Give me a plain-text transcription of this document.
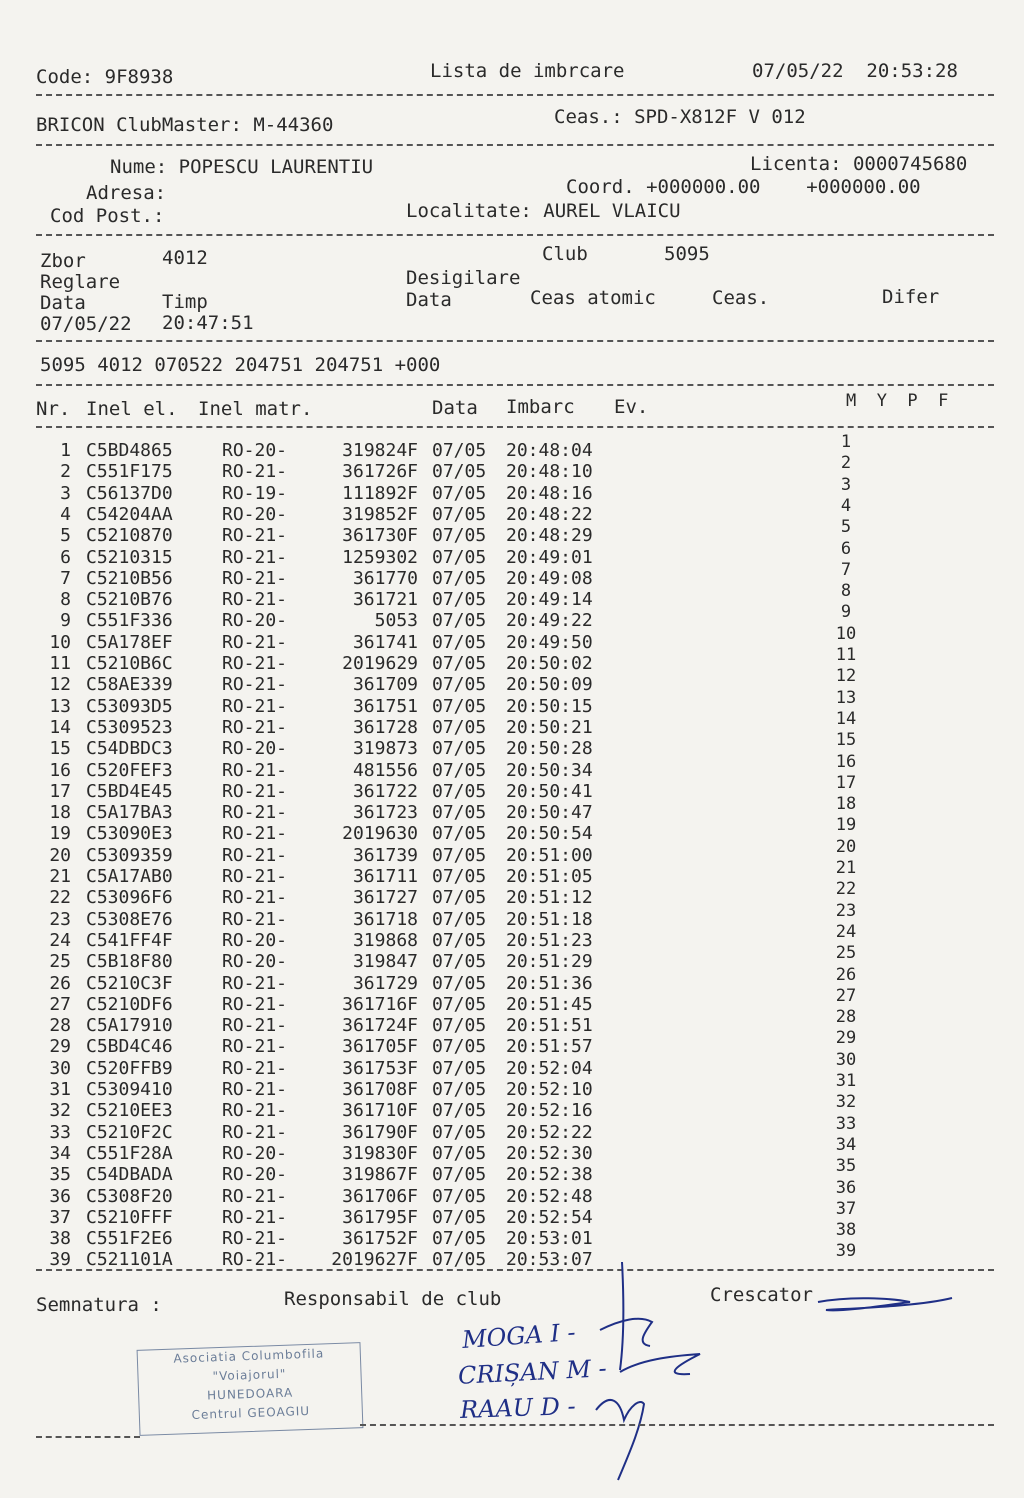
Code: 9F8938	Lista de imbrcare	07/05/22  20:53:28
BRICON ClubMaster: M-44360	Ceas.: SPD-X812F V 012
Nume: POPESCU LAURENTIU	Licenta: 0000745680
Adresa:	Coord. +000000.00    +000000.00
Cod Post.:	Localitate: AUREL VLAICU
Zbor	4012	Club	5095
Reglare	Desigilare
Data	Timp	Data	Ceas atomic	Ceas.	Difer
07/05/22 20:47:51
5095 4012 070522 204751 204751 +000
Nr. Inel el. Inel matr.	Data Imbarc Ev.	M  Y  P  F
1 C5BD4865	RO-20-	319824F 07/05 20:48:04	1
2 C551F175	RO-21-	361726F 07/05 20:48:10	2
3 C56137D0	RO-19-	111892F 07/05 20:48:16	3
4 C54204AA	RO-20-	319852F 07/05 20:48:22	4
5 C5210870	RO-21-	361730F 07/05 20:48:29	5
6 C5210315	RO-21-	1259302 07/05 20:49:01	6
7 C5210B56	RO-21-	361770 07/05 20:49:08	7
8 C5210B76	RO-21-	361721 07/05 20:49:14	8
9 C551F336	RO-20-	5053 07/05 20:49:22	9
10 C5A178EF	RO-21-	361741 07/05 20:49:50	10
11 C5210B6C	RO-21-	2019629 07/05 20:50:02	11
12 C58AE339	RO-21-	361709 07/05 20:50:09	12
13 C53093D5	RO-21-	361751 07/05 20:50:15	13
14 C5309523	RO-21-	361728 07/05 20:50:21	14
15 C54DBDC3	RO-20-	319873 07/05 20:50:28	15
16 C520FEF3	RO-21-	481556 07/05 20:50:34	16
17 C5BD4E45	RO-21-	361722 07/05 20:50:41	17
18 C5A17BA3	RO-21-	361723 07/05 20:50:47	18
19 C53090E3	RO-21-	2019630 07/05 20:50:54	19
20 C5309359	RO-21-	361739 07/05 20:51:00	20
21 C5A17AB0	RO-21-	361711 07/05 20:51:05	21
22 C53096F6	RO-21-	361727 07/05 20:51:12	22
23 C5308E76	RO-21-	361718 07/05 20:51:18	23
24 C541FF4F	RO-20-	319868 07/05 20:51:23	24
25 C5B18F80	RO-20-	319847 07/05 20:51:29	25
26 C5210C3F	RO-21-	361729 07/05 20:51:36	26
27 C5210DF6	RO-21-	361716F 07/05 20:51:45	27
28 C5A17910	RO-21-	361724F 07/05 20:51:51	28
29 C5BD4C46	RO-21-	361705F 07/05 20:51:57	29
30 C520FFB9	RO-21-	361753F 07/05 20:52:04	30
31 C5309410	RO-21-	361708F 07/05 20:52:10	31
32 C5210EE3	RO-21-	361710F 07/05 20:52:16	32
33 C5210F2C	RO-21-	361790F 07/05 20:52:22	33
34 C551F28A	RO-20-	319830F 07/05 20:52:30	34
35 C54DBADA	RO-20-	319867F 07/05 20:52:38	35
36 C5308F20	RO-21-	361706F 07/05 20:52:48	36
37 C5210FFF	RO-21-	361795F 07/05 20:52:54	37
38 C551F2E6	RO-21-	361752F 07/05 20:53:01	38
39 C521101A	RO-21-	2019627F 07/05 20:53:07	39
Semnatura :	Responsabil de club	Crescator
Asociatia Columbofila
"Voiajorul"
HUNEDOARA
Centrul GEOAGIU
MOGA I -
CRIȘAN M -
RAAU D -
